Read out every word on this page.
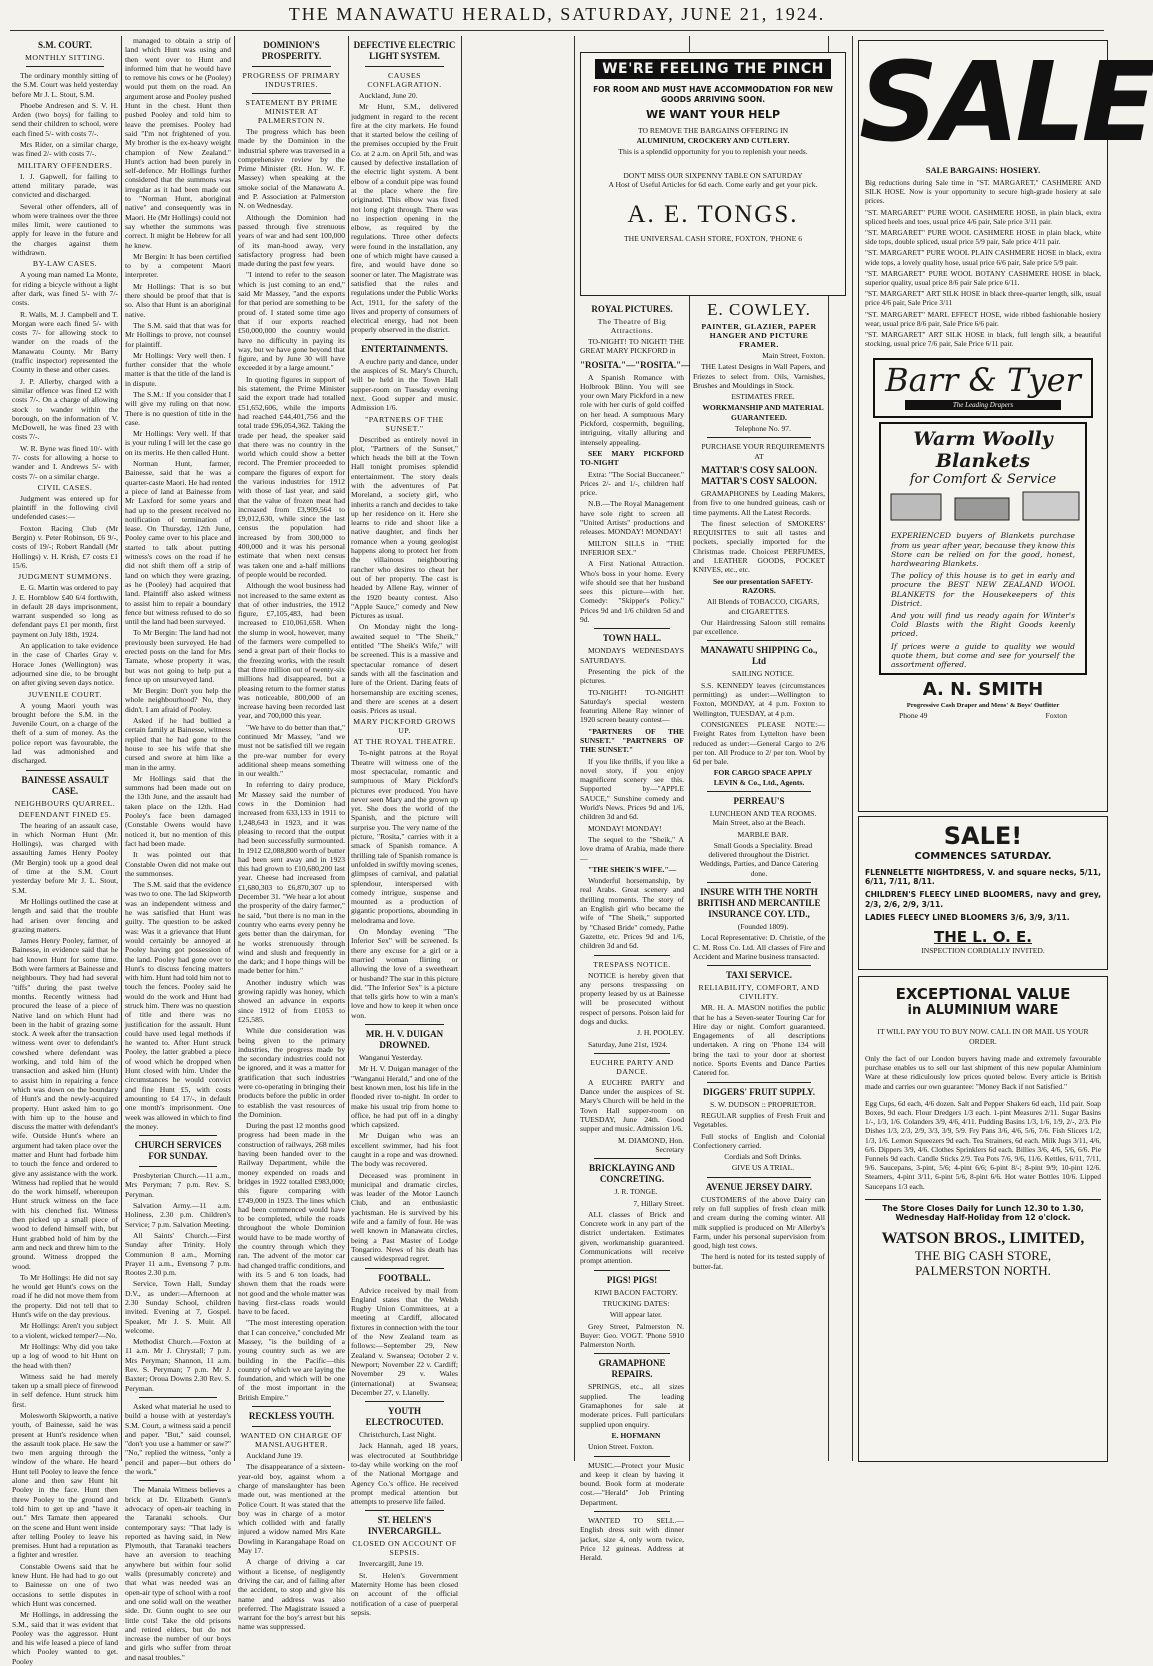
THE MANAWATU HERALD, SATURDAY, JUNE 21, 1924.
S.M. COURT.
MONTHLY SITTING.

The ordinary monthly sitting of the S.M. Court was held yesterday before Mr J. L. Stout, S.M.

Phoebe Andresen and S. V. H. Arden (two boys) for failing to send their children to school, were each fined 5/- with costs 7/-.

Mrs Rider, on a similar charge, was fined 2/- with costs 7/-.

MILITARY OFFENDERS.

I. J. Gapwell, for failing to attend military parade, was convicted and discharged.

Several other offenders, all of whom were trainees over the three miles limit, were cautioned to apply for leave in the future and the charges against them withdrawn.

BY-LAW CASES.

A young man named La Monte, for riding a bicycle without a light after dark, was fined 5/- with 7/- costs.

R. Walls, M. J. Campbell and T. Morgan were each fined 5/- with costs 7/- for allowing stock to wander on the roads of the Manawatu County. Mr Barry (traffic inspector) represented the County in these and other cases.

J. P. Allerby, charged with a similar offence was fined £2 with costs 7/-. On a charge of allowing stock to wander within the borough, on the information of V. McDowell, he was fined 23 with costs 7/-.

W. R. Byne was fined 10/- with 7/- costs for allowing a horse to wander and I. Andrews 5/- with costs 7/- on a similar charge.

CIVIL CASES.

Judgment was entered up for plaintiff in the following civil undefended cases:—

Foxton Racing Club (Mr Bergin) v. Peter Robinson, £6 9/-, costs of 19/-; Robert Randall (Mr Hollings) v. H. Krish, £7 costs £1 15/6.

JUDGMENT SUMMONS.

E. G. Martin was ordered to pay J. E. Hornblow £40 6/4 forthwith, in default 28 days imprisonment, warrant suspended so long as defendant pays £1 per month, first payment on July 18th, 1924.

An application to take evidence in the case of Charles Gray v. Horace Jones (Wellington) was adjourned sine die, to be brought on after giving seven days notice.

JUVENILE COURT.

A young Maori youth was brought before the S.M. in the Juvenile Court, on a charge of the theft of a sum of money. As the police report was favourable, the lad was admonished and discharged.

BAINESSE ASSAULT CASE.
NEIGHBOURS QUARREL.
DEFENDANT FINED £5.

The hearing of an assault case, in which Norman Hunt (Mr. Hollings), was charged with assaulting James Henry Pooley (Mr Bergin) took up a good deal of time at the S.M. Court yesterday before Mr J. L. Stout, S.M.

Mr Hollings outlined the case at length and said that the trouble had arisen over fencing and grazing matters.

James Henry Pooley, farmer, of Bainesse, in evidence said that he had known Hunt for some time. Both were farmers at Bainesse and neighbours. They had had several "tiffs" during the past twelve months. Recently witness had procured the lease of a piece of Native land on which Hunt had been in the habit of grazing some stock. A week after the transaction witness went over to defendant's cowshed where defendant was working, and told him of the transaction and asked him (Hunt) to assist him in repairing a fence which was down on the boundary of Hunt's and the newly-acquired property. Hunt asked him to go with him up to the house and discuss the matter with defendant's wife. Outside Hunt's where an argument had taken place over the matter and Hunt had forbade him to touch the fence and ordered to give any assistance with the work. Witness had replied that he would do the work himself, whereupon Hunt struck witness on the face with his clenched fist. Witness then picked up a small piece of wood to defend himself with, but Hunt grabbed hold of him by the arm and neck and threw him to the ground. Witness dropped the wood.

To Mr Hollings: He did not say he would get Hunt's cows on the road if he did not move them from the property. Did not tell that to Hunt's wife on the day previous.

Mr Hollings: Aren't you subject to a violent, wicked temper?—No.

Mr Hollings: Why did you take up a log of wood to hit Hunt on the head with then?

Witness said he had merely taken up a small piece of firewood in self defence. Hunt struck him first.

Molesworth Skipworth, a native youth, of Bainesse, said he was present at Hunt's residence when the assault took place. He saw the two men arguing through the window of the whare. He heard Hunt tell Pooley to leave the fence alone and then saw Hunt hit Pooley in the face. Hunt then threw Pooley to the ground and told him to get up and "have it out." Mrs Tamate then appeared on the scene and Hunt went inside after telling Pooley to leave his premises. Hunt had a reputation as a fighter and wrestler.

Constable Owens said that he knew Hunt. He had had to go out to Bainesse on one of two occasions to settle disputes in which Hunt was concerned.

Mr Hollings, in addressing the S.M., said that it was evident that Pooley was the aggressor. Hunt and his wife leased a piece of land which Pooley wanted to get. Pooley

managed to obtain a strip of land which Hunt was using and then went over to Hunt and informed him that he would have to remove his cows or he (Pooley) would put them on the road. An argument arose and Pooley pushed Hunt in the chest. Hunt then pushed Pooley and told him to leave the premises. Pooley had said "I'm not frightened of you. My brother is the ex-heavy weight champion of New Zealand." Hunt's action had been purely in self-defence. Mr Hollings further considered that the summons was irregular as it had been made out to "Norman Hunt, aboriginal native" and consequently was in Maori. He (Mr Hollings) could not say whether the summons was correct. It might be Hebrew for all he knew.

Mr Bergin: It has been certified to by a competent Maori interpreter.

Mr Hollings: That is so but there should be proof that that is so. Also that Hunt is an aboriginal native.

The S.M. said that that was for Mr Hollings to prove, not counsel for plaintiff.

Mr Hollings: Very well then. I further consider that the whole matter is that the title of the land is in dispute.

The S.M.: If you consider that I will give my ruling on that now. There is no question of title in the case.

Mr Hollings: Very well. If that is your ruling I will let the case go on its merits. He then called Hunt.

Norman Hunt, farmer, Bainesse, said that he was a quarter-caste Maori. He had rented a piece of land at Bainesse from Mr Laxford for some years and had up to the present received no notification of termination of lease. On Thursday, 12th June, Pooley came over to his place and started to talk about putting witness's cows on the road if he did not shift them off a strip of land on which they were grazing, as he (Pooley) had acquired that land. Plaintiff also asked witness to assist him to repair a boundary fence but witness refused to do so until the land had been surveyed.

To Mr Bergin: The land had not previously been surveyed. He had erected posts on the land for Mrs Tamate, whose property it was, but was not going to help put a fence up on unsurveyed land.

Mr Bergin: Don't you help the whole neighbourhood? No, they didn't. I am afraid of Pooley.

Asked if he had bullied a certain family at Bainesse, witness replied that he had gone to the house to see his wife that she cursed and swore at him like a man in the army.

Mr Hollings said that the summons had been made out on the 13th June, and the assault had taken place on the 12th. Had Pooley's face been damaged (Constable Owens would have noticed it, but no mention of this fact had been made.

It was pointed out that Constable Owen did not make out the summonses.

The S.M. said that the evidence was two to one. The lad Skipworth was an independent witness and he was satisfied that Hunt was guilty. The question to be asked was: Was it a grievance that Hunt would certainly be annoyed at Pooley having got possession of the land. Pooley had gone over to Hunt's to discuss fencing matters with him. Hunt had told him not to touch the fences. Pooley said he would do the work and Hunt had struck him. There was no question of title and there was no justification for the assault. Hunt could have used legal methods if he wanted to. After Hunt struck Pooley, the latter grabbed a piece of wood which he dropped when Hunt closed with him. Under the circumstances he would convict and fine Hunt £5, with costs amounting to £4 17/-, in default one month's imprisonment. One week was allowed in which to find the money.

CHURCH SERVICES FOR SUNDAY.

Presbyterian Church.—11 a.m., Mrs Peryman; 7 p.m. Rev. S. Peryman.

Salvation Army.—11 a.m. Holiness, 2.30 p.m. Children's Service; 7 p.m. Salvation Meeting.

All Saints' Church.—First Sunday after Trinity. Holy Communion 8 a.m., Morning Prayer 11 a.m., Evensong 7 p.m. Rootes 2.30 p.m.

Service, Town Hall, Sunday D.V., as under:—Afternoon at 2.30 Sunday School, children invited. Evening at 7, Gospel. Speaker, Mr J. S. Muir. All welcome.

Methodist Church.—Foxton at 11 a.m. Mr J. Chrystall; 7 p.m. Mrs Peryman; Shannon, 11 a.m. Rev. S. Peryman; 7 p.m. Mr J. Baxter; Oroua Downs 2.30 Rev. S. Peryman.

Asked what material he used to build a house with at yesterday's S.M. Court, a witness said a pencil and paper. "But," said counsel, "don't you use a hammer or saw?" "No," replied the witness, "only a pencil and paper—but others do the work."

The Manaia Witness believes a brick at Dr. Elizabeth Gunn's advocacy of open-air teaching in the Taranaki schools. Our contemporary says: "That lady is reported as having said, in New Plymouth, that Taranaki teachers have an aversion to teaching anywhere but within four solid walls (presumably concrete) and that what was needed was an open-air type of school with a roof and one solid wall on the weather side. Dr. Gunn ought to see our little cots! Take the old prisons and retired elders, but do not increase the number of our boys and girls who suffer from throat and nasal troubles."

DOMINION'S PROSPERITY.
PROGRESS OF PRIMARY INDUSTRIES.
STATEMENT BY PRIME MINISTER AT PALMERSTON N.

The progress which has been made by the Dominion in the industrial sphere was traversed in a comprehensive review by the Prime Minister (Rt. Hon. W. F. Massey) when speaking at the smoke social of the Manawatu A. and P. Association at Palmerston N. on Wednesday.

Although the Dominion had passed through five strenuous years of war and had sent 100,000 of its man-hood away, very satisfactory progress had been made during the past few years.

"I intend to refer to the season which is just coming to an end," said Mr Massey, "and the exports for that period are something to be proud of. I stated some time ago that if our exports reached £50,000,000 the country would have no difficulty in paying its way, but we have gone beyond that figure, and by June 30 will have exceeded it by a large amount."

In quoting figures in support of his statement, the Prime Minister said the export trade had totalled £51,652,606, while the imports had reached £44,401,756 and the total trade £96,054,362. Taking the trade per head, the speaker said that there was no country in the world which could show a better record. The Premier proceeded to compare the figures of export for the various industries for 1912 with those of last year, and said that the value of frozen meat had increased from £3,909,564 to £9,012,630, while since the last census the population had increased by from 300,000 to 400,000 and it was his personal estimate that when next census was taken one and a-half millions of people would be recorded.

Although the wool business had not increased to the same extent as that of other industries, the 1912 figure, £7,105,483, had been increased to £10,061,658. When the slump in wool, however, many of the farmers were compelled to send a great part of their flocks to the freezing works, with the result that three million out of twenty-six millions had disappeared, but a pleasing return to the former status was noticeable, 800,000 of an increase having been recorded last year, and 700,000 this year.

"We have to do better than that," continued Mr Massey, "and we must not be satisfied till we regain the pre-war number for every additional sheep means something in our wealth."

In referring to dairy produce, Mr Massey said the number of cows in the Dominion had increased from 633,133 in 1911 to 1,248,643 in 1923, and it was pleasing to record that the output had been successfully surmounted. In 1912 £2,088,800 worth of butter had been sent away and in 1923 this had grown to £10,680,200 last year. Cheese had increased from £1,680,303 to £6,870,307 up to December 31. "We hear a lot about the prosperity of the dairy farmer," he said, "but there is no man in the country who earns every penny he gets better than the dairyman, for he works strenuously through wind and slush and frequently in the dark; and I hope things will be made better for him."

Another industry which was growing rapidly was honey, which showed an advance in exports since 1912 of from £1053 to £25,585.

While due consideration was being given to the primary industries, the progress made by the secondary industries could not be ignored, and it was a matter for gratification that such industries were co-operating in bringing their products before the public in order to establish the vast resources of the Dominion.

During the past 12 months good progress had been made in the construction of railways, 268 miles having been handed over to the Railway Department, while the money expended on roads and bridges in 1922 totalled £983,000; this figure comparing with £749,000 in 1923. The lines which had been commenced would have to be completed, while the roads throughout the whole Dominion would have to be made worthy of the country through which they ran. The advent of the motor car had changed traffic conditions, and with its 5 and 6 ton loads, had shown them that the roads were not good and the whole matter was having first-class roads would have to be faced.

"The most interesting operation that I can conceive," concluded Mr Massey, "is the building of a young country such as we are building in the Pacific—this country of which we are laying the foundation, and which will be one of the most important in the British Empire."

RECKLESS YOUTH.
WANTED ON CHARGE OF MANSLAUGHTER.

Auckland June 19.

The disappearance of a sixteen-year-old boy, against whom a charge of manslaughter has been made out, was mentioned at the Police Court. It was stated that the boy was in charge of a motor which collided with and fatally injured a widow named Mrs Kate Dowling in Karangahape Road on May 17.

A charge of driving a car without a license, of negligently driving the car, and of failing after the accident, to stop and give his name and address was also preferred. The Magistrate issued a warrant for the boy's arrest but his name was suppressed.

DEFECTIVE ELECTRIC LIGHT SYSTEM.
CAUSES CONFLAGRATION.

Auckland, June 20.

Mr Hunt, S.M., delivered judgment in regard to the recent fire at the city markets. He found that it started below the ceiling of the premises occupied by the Fruit Co. at 2 a.m. on April 5th, and was caused by defective installation of the electric light system. A bent elbow of a conduit pipe was found at the place where the fire originated. This elbow was fixed not long right through. There was no inspection opening in the elbow, as required by the regulations. Three other defects were found in the installation, any one of which might have caused a fire, and would have done so sooner or later. The Magistrate was satisfied that the rules and regulations under the Public Works Act, 1911, for the safety of the lives and property of consumers of electrical energy, had not been properly observed in the district.

ENTERTAINMENTS.

A euchre party and dance, under the auspices of St. Mary's Church, will be held in the Town Hall supper-room on Tuesday evening next. Good supper and music. Admission 1/6.

"PARTNERS OF THE SUNSET."

Described as entirely novel in plot, "Partners of the Sunset," which heads the bill at the Town Hall tonight promises splendid entertainment. The story deals with the adventures of Pat Moreland, a society girl, who inherits a ranch and decides to take up her residence on it. Here she learns to ride and shoot like a native daughter, and finds her romance when a young geologist happens along to protect her from the villainous neighbouring rancher who desires to cheat her out of her property. The cast is headed by Allene Ray, winner of the 1920 beauty contest. Also "Apple Sauce," comedy and New Pictures as usual.

On Monday night the long-awaited sequel to "The Sheik," entitled "The Sheik's Wife," will be screened. This is a massive and spectacular romance of desert sands with all the fascination and lure of the Orient. Daring feats of horsemanship are exciting scenes, and there are scenes at a desert oasis. Prices as usual.

MARY PICKFORD GROWS UP.
AT THE ROYAL THEATRE.

To-night patrons at the Royal Theatre will witness one of the most spectacular, romantic and sumptuous of Mary Pickford's pictures ever produced. You have never seen Mary and the grown up yet. She does the world of the Spanish, and the picture will surprise you. The very name of the picture, "Rosita," carries with it a smack of Spanish romance. A thrilling tale of Spanish romance is unfolded in swiftly moving scenes, glimpses of carnival, and palatial splendour, interspersed with comedy intrigue, suspense and mounted as a production of gigantic proportions, abounding in melodrama and love.

On Monday evening "The Inferior Sex" will be screened. Is there any excuse for a girl or a married woman flirting or allowing the love of a sweetheart or husband? The star in this picture did. "The Inferior Sex" is a picture that tells girls how to win a man's love and how to keep it when once won.

MR. H. V. DUIGAN DROWNED.

Wanganui Yesterday.

Mr H. V. Duigan manager of the "Wanganui Herald," and one of the best known men, lost his life in the flooded river to-night. In order to make his usual trip from home to office, he had put off in a dinghy which capsized.

Mr Duigan who was an excellent swimmer, had his foot caught in a rope and was drowned. The body was recovered.

Deceased was prominent in municipal and dramatic circles, was leader of the Motor Launch Club, and an enthusiastic yachtsman. He is survived by his wife and a family of four. He was well known in Manawatu circles, being a Past Master of Lodge Tongariro. News of his death has caused widespread regret.

FOOTBALL.

Advice received by mail from England states that the Welsh Rugby Union Committees, at a meeting at Cardiff, allocated fixtures in connection with the tour of the New Zealand team as follows:—September 29, New Zealand v. Swansea; October 2 v. Newport; November 22 v. Cardiff; November 29 v. Wales (international) at Swansea; December 27, v. Llanelly.

YOUTH ELECTROCUTED.

Christchurch, Last Night.

Jack Hannah, aged 18 years, was electrocuted at Southbridge to-day while working on the roof of the National Mortgage and Agency Co.'s office. He received prompt medical attention but attempts to preserve life failed.

ST. HELEN'S INVERCARGILL.
CLOSED ON ACCOUNT OF SEPSIS.

Invercargill, June 19.

St. Helen's Government Maternity Home has been closed on account of the official notification of a case of puerperal sepsis.

WE'RE FEELING THE PINCH
FOR ROOM AND MUST HAVE ACCOMMODATION FOR NEW GOODS ARRIVING SOON.
WE WANT YOUR HELP
TO REMOVE THE BARGAINS OFFERING IN
ALUMINIUM, CROCKERY AND CUTLERY.
This is a splendid opportunity for you to replenish your needs.
DON'T MISS OUR SIXPENNY TABLE ON SATURDAY
A Host of Useful Articles for 6d each. Come early and get your pick.
A. E. TONGS.
THE UNIVERSAL CASH STORE, FOXTON, 'PHONE 6
ROYAL PICTURES.
The Theatre of Big Attractions.

TO-NIGHT! TO NIGHT! THE GREAT MARY PICKFORD in

"ROSITA."—"ROSITA."—

A Spanish Romance with Holbrook Blinn. You will see your own Mary Pickford in a new role with her curls of gold coiffed on her head. A sumptuous Mary Pickford, cospermith, beguiling, intriguing, vitally alluring and intensely appealing.

SEE MARY PICKFORD TO-NIGHT

Extra: "The Social Buccaneer." Prices 2/- and 1/-, children half price.

N.B.—The Royal Management have sole right to screen all "United Artists" productions and releases. MONDAY! MONDAY!

MILTON SILLS in "THE INFERIOR SEX."

A First National Attraction. Who's boss in your home. Every wife should see that her husband sees this picture—with her. Comedy: "Skipper's Policy." Prices 9d and 1/6 children 5d and 9d.

TOWN HALL.

MONDAYS WEDNESDAYS SATURDAYS.

Presenting the pick of the pictures.

TO-NIGHT! TO-NIGHT! Saturday's special western featuring Allene Ray winner of 1920 screen beauty contest—

"PARTNERS OF THE SUNSET." "PARTNERS OF THE SUNSET."

If you like thrills, if you like a novel story, if you enjoy magnificent scenery see this. Supported by—"APPLE SAUCE," Sunshine comedy and World's News. Prices 9d and 1/6, children 3d and 6d.

MONDAY! MONDAY!

The sequel to the "Sheik," A love drama of Arabia, made there—

"THE SHEIK'S WIFE."—

Wonderful horsemanship, by real Arabs. Great scenery and thrilling moments. The story of an English girl who became the wife of "The Sheik," supported by "Chased Bride" comedy, Pathe Gazette, etc. Prices 9d and 1/6, children 3d and 6d.

TRESPASS NOTICE.

NOTICE is hereby given that any persons trespassing on property leased by us at Bainesse will be prosecuted without respect of persons. Poison laid for dogs and ducks.

J. H. POOLEY.

Saturday, June 21st, 1924.

EUCHRE PARTY AND DANCE.

A EUCHRE PARTY and Dance under the auspices of St. Mary's Church will be held in the Town Hall supper-room on TUESDAY, June 24th. Good supper and music. Admission 1/6.

M. DIAMOND, Hon. Secretary

BRICKLAYING AND CONCRETING.

J. R. TONGE.

7, Hillary Street.

ALL classes of Brick and Concrete work in any part of the district undertaken. Estimates given, workmanship guaranteed. Communications will receive prompt attention.

PIGS! PIGS!

KIWI BACON FACTORY.

TRUCKING DATES:

Will appear later.

Grey Street, Palmerston N. Buyer: Geo. VOGT. 'Phone 5910 Palmerston North.

GRAMAPHONE REPAIRS.

SPRINGS, etc., all sizes supplied. The leading Gramaphones for sale at moderate prices. Full particulars supplied upon enquiry.

E. HOFMANN

Union Street. Foxton.

MUSIC.—Protect your Music and keep it clean by having it bound. Book form at moderate cost.—"Herald" Job Printing Department.

WANTED TO SELL.—English dress suit with dinner jacket, size 4, only worn twice, Price 12 guineas. Address at Herald.

E. COWLEY.
PAINTER, GLAZIER, PAPER HANGER AND PICTURE FRAMER.

Main Street, Foxton.

THE Latest Designs in Wall Papers, and Friezes to select from. Oils, Varnishes, Brushes and Mouldings in Stock.

ESTIMATES FREE.

WORKMANSHIP AND MATERIAL GUARANTEED.

Telephone No. 97.

PURCHASE YOUR REQUIREMENTS AT

MATTAR'S COSY SALOON. MATTAR'S COSY SALOON.

GRAMAPHONES by Leading Makers, from five to one hundred guineas, cash or time payments. All the Latest Records.

The finest selection of SMOKERS' REQUISITES to suit all tastes and pockets, specially imported for the Christmas trade. Choicest PERFUMES, and LEATHER GOODS, POCKET KNIVES, etc., etc.

See our presentation SAFETY-RAZORS.

All Blends of TOBACCO, CIGARS, and CIGARETTES.

Our Hairdressing Saloon still remains par excellence.

MANAWATU SHIPPING Co., Ltd

SAILING NOTICE.

S.S. KENNEDY leaves (circumstances permitting) as under:—Wellington to Foxton, MONDAY, at 4 p.m. Foxton to Wellington, TUESDAY, at 4 p.m.

CONSIGNEES PLEASE NOTE:—Freight Rates from Lyttelton have been reduced as under:—General Cargo to 2/6 per ton. All Produce to 2/ per ton. Wool by 6d per bale.

FOR CARGO SPACE APPLY LEVIN & Co., Ltd., Agents.

PERREAU'S

LUNCHEON AND TEA ROOMS. Main Street, also at the Beach.

MARBLE BAR.

Small Goods a Speciality. Bread delivered throughout the District. Weddings, Parties, and Dance Catering done.

INSURE WITH THE NORTH BRITISH AND MERCANTILE INSURANCE COY. LTD.,

(Founded 1809).

Local Representative: D. Christie, of the C. M. Ross Co. Ltd. All classes of Fire and Accident and Marine business transacted.

TAXI SERVICE.
RELIABILITY, COMFORT, AND CIVILITY.

MR. H. A. MASON notifies the public that he has a Seven-seater Touring Car for Hire day or night. Comfort guaranteed. Engagements of all descriptions undertaken. A ring on 'Phone 134 will bring the taxi to your door at shortest notice. Sports Events and Dance Parties Catered for.

DIGGERS' FRUIT SUPPLY.

S. W. DUDSON :: PROPRIETOR.

REGULAR supplies of Fresh Fruit and Vegetables.

Full stocks of English and Colonial Confectionery carried.

Cordials and Soft Drinks.

GIVE US A TRIAL.

AVENUE JERSEY DAIRY.

CUSTOMERS of the above Dairy can rely on full supplies of fresh clean milk and cream during the coming winter. All milk supplied is produced on Mr Allerby's Farm, under his personal supervision from good, high test cows.

The herd is noted for its tested supply of butter-fat.

SALE
SALE BARGAINS: HOSIERY.
Big reductions during Sale time in "ST. MARGARET," CASHMERE AND SILK HOSE. Now is your opportunity to secure high-grade hosiery at sale prices.
"ST. MARGARET" PURE WOOL CASHMERE HOSE, in plain black, extra spliced heels and toes, usual price 4/6 pair, Sale price 3/11 pair.
"ST. MARGARET" PURE WOOL CASHMERE HOSE in plain black, white side tops, double spliced, usual price 5/9 pair, Sale price 4/11 pair.
"ST. MARGARET" PURE WOOL PLAIN CASHMERE HOSE in black, extra wide tops, a lovely quality hose, usual price 6/6 pair, Sale price 5/9 pair.
"ST. MARGARET" PURE WOOL BOTANY CASHMERE HOSE in black, superior quality, usual price 8/6 pair Sale price 6/11.
"ST. MARGARET" ART SILK HOSE in black three-quarter length, silk, usual price 4/6 pair, Sale Price 3/11
"ST. MARGARET" MARL EFFECT HOSE, wide ribbed fashionable hosiery wear, usual price 8/6 pair, Sale Price 6/6 pair.
"ST. MARGARET" ART SILK HOSE in black, full length silk, a beautiful stocking, usual price 7/6 pair, Sale Price 6/11 pair.
Barr & Tyer
The Leading Drapers
Warm Woolly Blankets
for Comfort & Service
EXPERIENCED buyers of Blankets purchase from us year after year, because they know this Store can be relied on for the good, honest, hardwearing Blankets.
The policy of this house is to get in early and procure the BEST NEW ZEALAND WOOL BLANKETS for the Housekeepers of this District.
And you will find us ready again for Winter's Cold Blasts with the Right Goods keenly priced.
If prices were a guide to quality we would quote them, but come and see for yourself the assortment offered.
A. N. SMITH
Progressive Cash Draper and Mens' & Boys' Outfitter
Phone 49	Foxton
SALE!
COMMENCES SATURDAY.
FLENNELETTE NIGHTDRESS, V. and square necks, 5/11, 6/11, 7/11, 8/11.
CHILDREN'S FLEECY LINED BLOOMERS, navy and grey, 2/3, 2/6, 2/9, 3/11.
LADIES FLEECY LINED BLOOMERS 3/6, 3/9, 3/11.
THE L. O. E.
INSPECTION CORDIALLY INVITED.
EXCEPTIONAL VALUE
in ALUMINIUM WARE
IT WILL PAY YOU TO BUY NOW. CALL IN OR MAIL US YOUR ORDER.
Only the fact of our London buyers having made and extremely favourable purchase enables us to sell our last shipment of this new popular Aluminium Ware at these ridiculously low prices quoted below. Every article is British made and carries our own guarantee: "Money Back if not Satisfied."
Egg Cups, 6d each, 4/6 dozen. Salt and Pepper Shakers 6d each, 11d pair. Soap Boxes, 9d each. Flour Dredgers 1/3 each. 1-pint Measures 2/11. Sugar Basins 1/-, 1/3, 1/6. Colanders 3/9, 4/6, 4/11. Pudding Basins 1/3, 1/6, 1/9, 2/-, 2/3. Pie Dishes 1/3, 2/3, 2/9, 3/3, 3/9, 5/9. Fry Pans 3/6, 4/6, 5/6, 7/6. Fish Slicers 1/2, 1/3, 1/6. Lemon Squeezers 9d each. Tea Strainers, 6d each. Milk Jugs 3/11, 4/6, 6/6. Dippers 3/9, 4/6. Clothes Sprinklers 6d each. Billies 3/6, 4/6, 5/6, 6/6. Pie Funnels 9d each. Candle Sticks 2/9. Tea Pots 7/6, 9/6, 11/6. Kettles, 6/11, 7/11, 9/6. Saucepans, 3-pint, 5/6; 4-pint 6/6; 6-pint 8/-; 8-pint 9/9; 10-pint 12/6. Steamers, 4-pint 3/11, 6-pint 5/6, 8-pint 6/6. Hot water Bottles 10/6. Lipped Saucepans 1/3 each.
The Store Closes Daily for Lunch 12.30 to 1.30, Wednesday Half-Holiday from 12 o'clock.
WATSON BROS., LIMITED,
THE BIG CASH STORE,
PALMERSTON NORTH.
